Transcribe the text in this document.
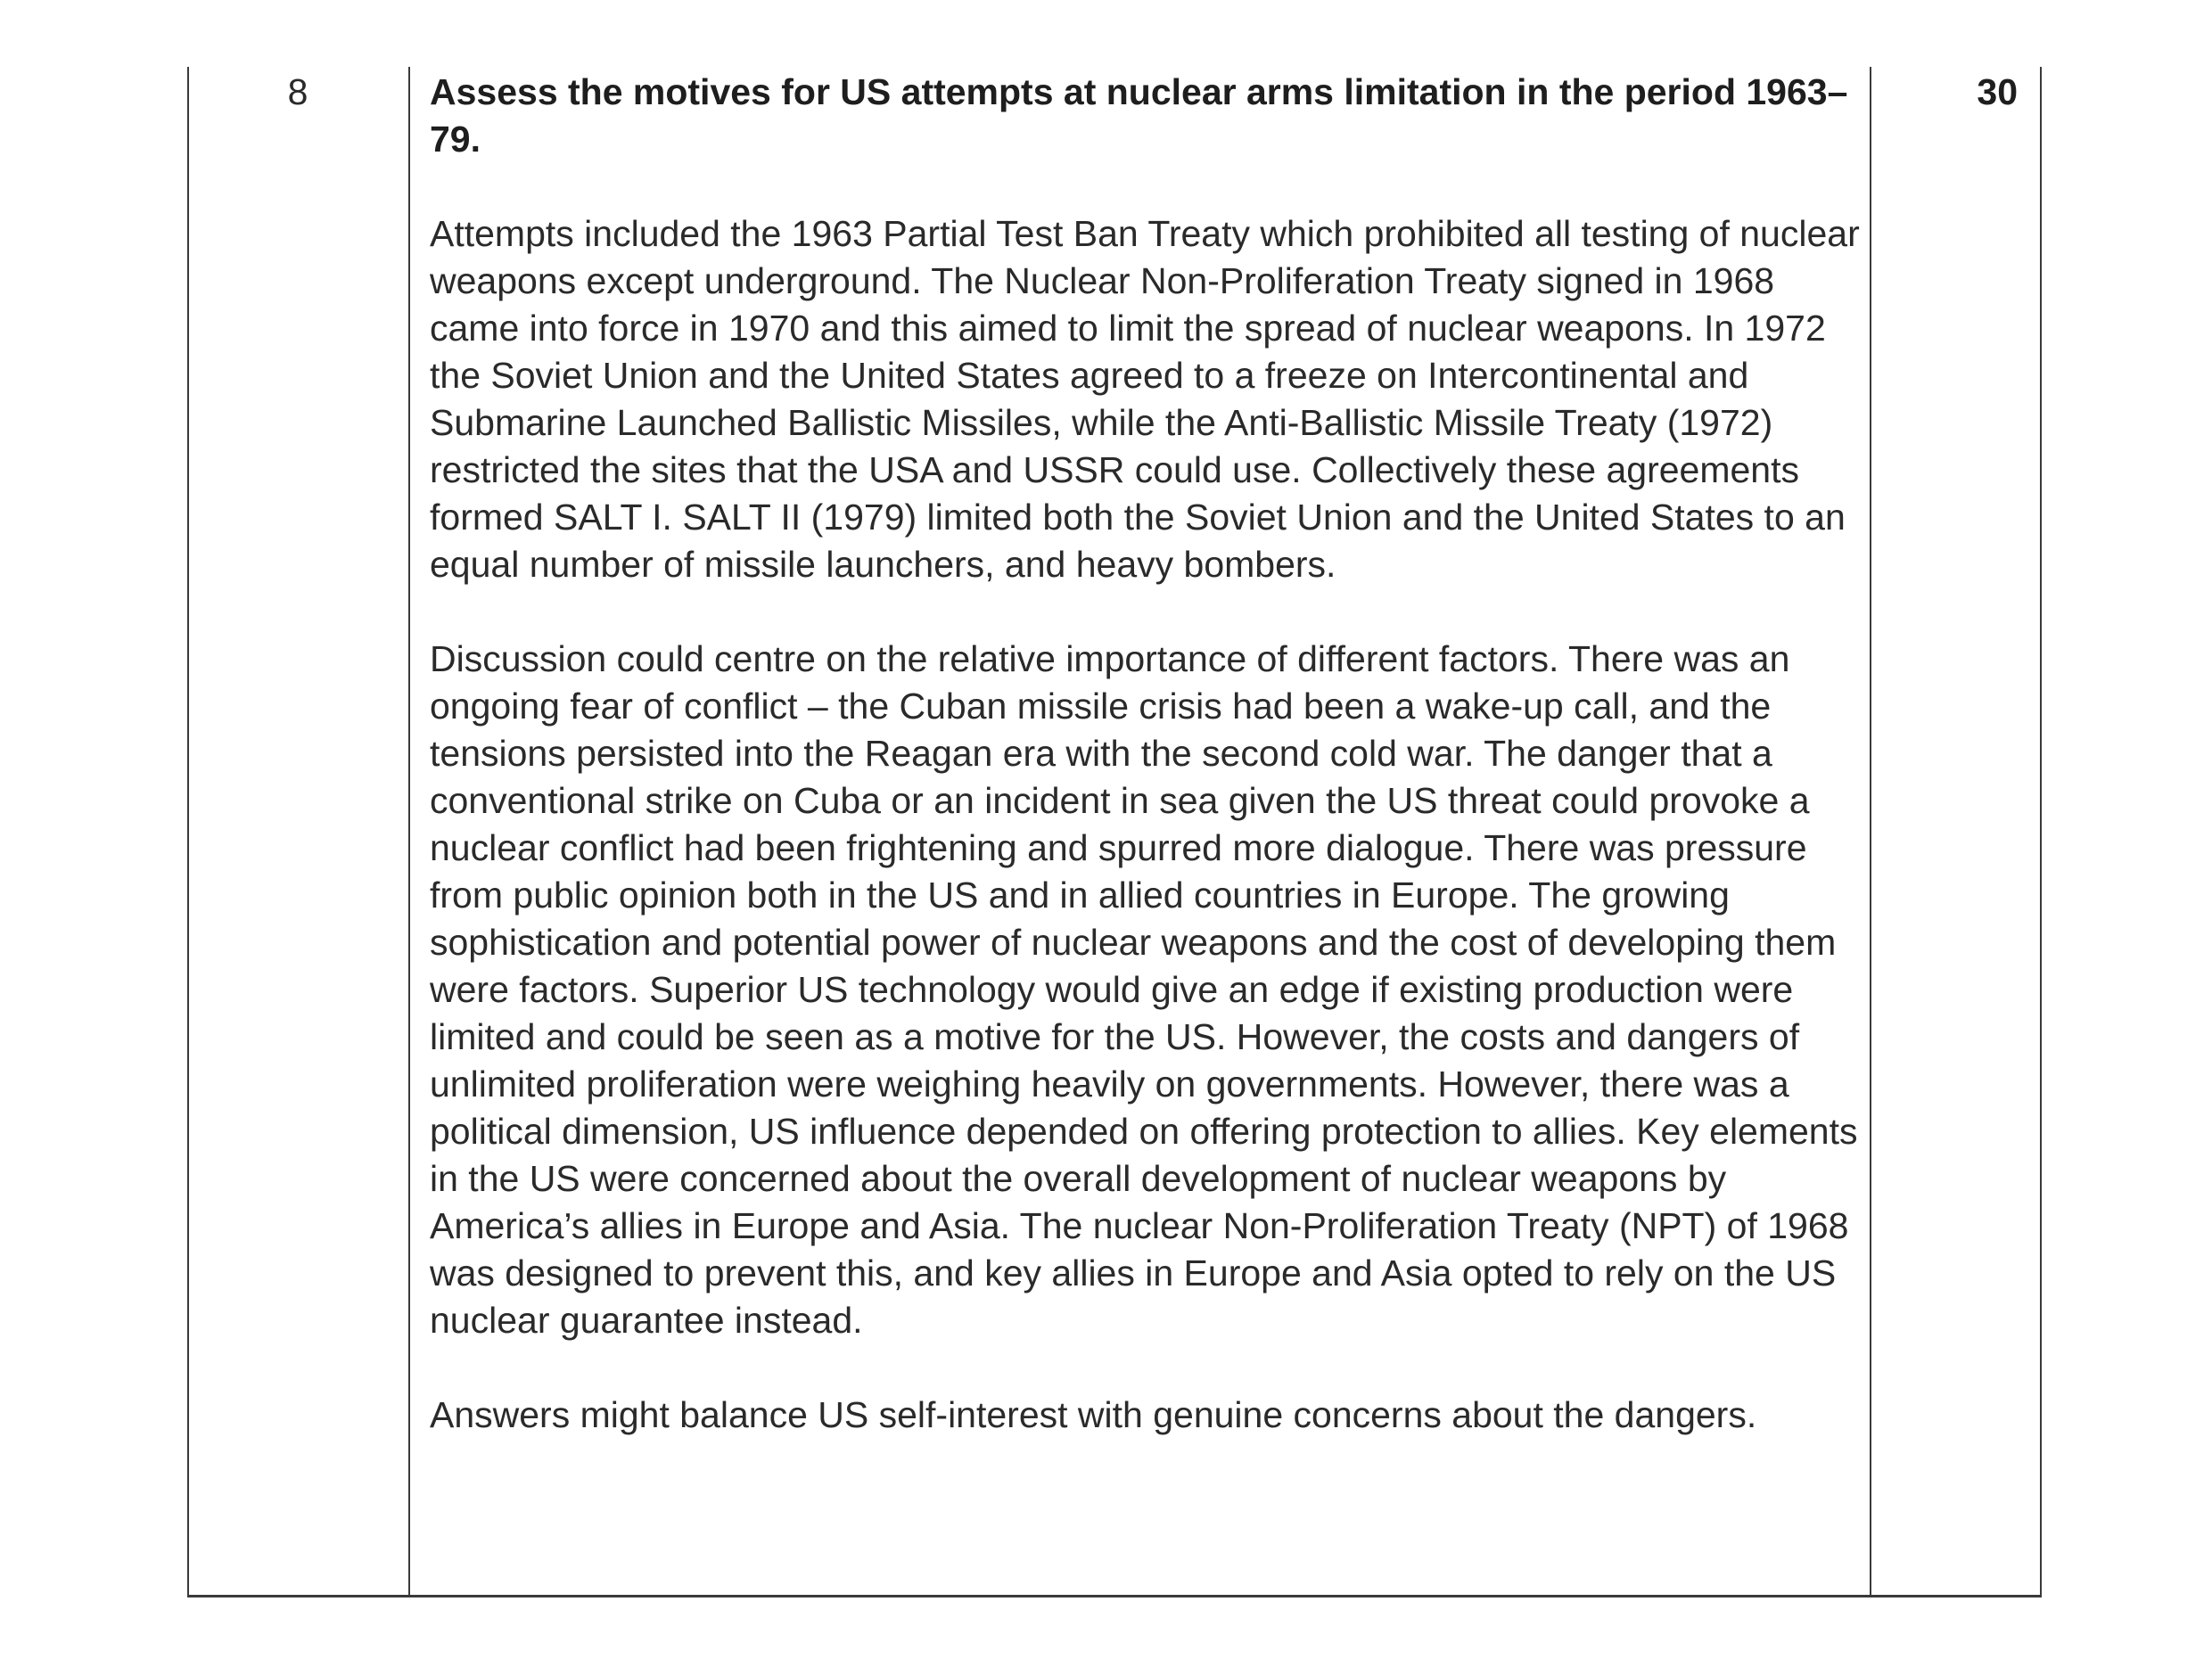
8	Assess the motives for US attempts at nuclear arms limitation in the period 1963–79.

Attempts included the 1963 Partial Test Ban Treaty which prohibited all testing of nuclear weapons except underground. The Nuclear Non-Proliferation Treaty signed in 1968 came into force in 1970 and this aimed to limit the spread of nuclear weapons. In 1972 the Soviet Union and the United States agreed to a freeze on Intercontinental and Submarine Launched Ballistic Missiles, while the Anti-Ballistic Missile Treaty (1972) restricted the sites that the USA and USSR could use. Collectively these agreements formed SALT I. SALT II (1979) limited both the Soviet Union and the United States to an equal number of missile launchers, and heavy bombers.

Discussion could centre on the relative importance of different factors. There was an ongoing fear of conflict – the Cuban missile crisis had been a wake-up call, and the tensions persisted into the Reagan era with the second cold war. The danger that a conventional strike on Cuba or an incident in sea given the US threat could provoke a nuclear conflict had been frightening and spurred more dialogue. There was pressure from public opinion both in the US and in allied countries in Europe. The growing sophistication and potential power of nuclear weapons and the cost of developing them were factors. Superior US technology would give an edge if existing production were limited and could be seen as a motive for the US. However, the costs and dangers of unlimited proliferation were weighing heavily on governments. However, there was a political dimension, US influence depended on offering protection to allies. Key elements in the US were concerned about the overall development of nuclear weapons by America’s allies in Europe and Asia. The nuclear Non-Proliferation Treaty (NPT) of 1968 was designed to prevent this, and key allies in Europe and Asia opted to rely on the US nuclear guarantee instead.

Answers might balance US self-interest with genuine concerns about the dangers.

30
